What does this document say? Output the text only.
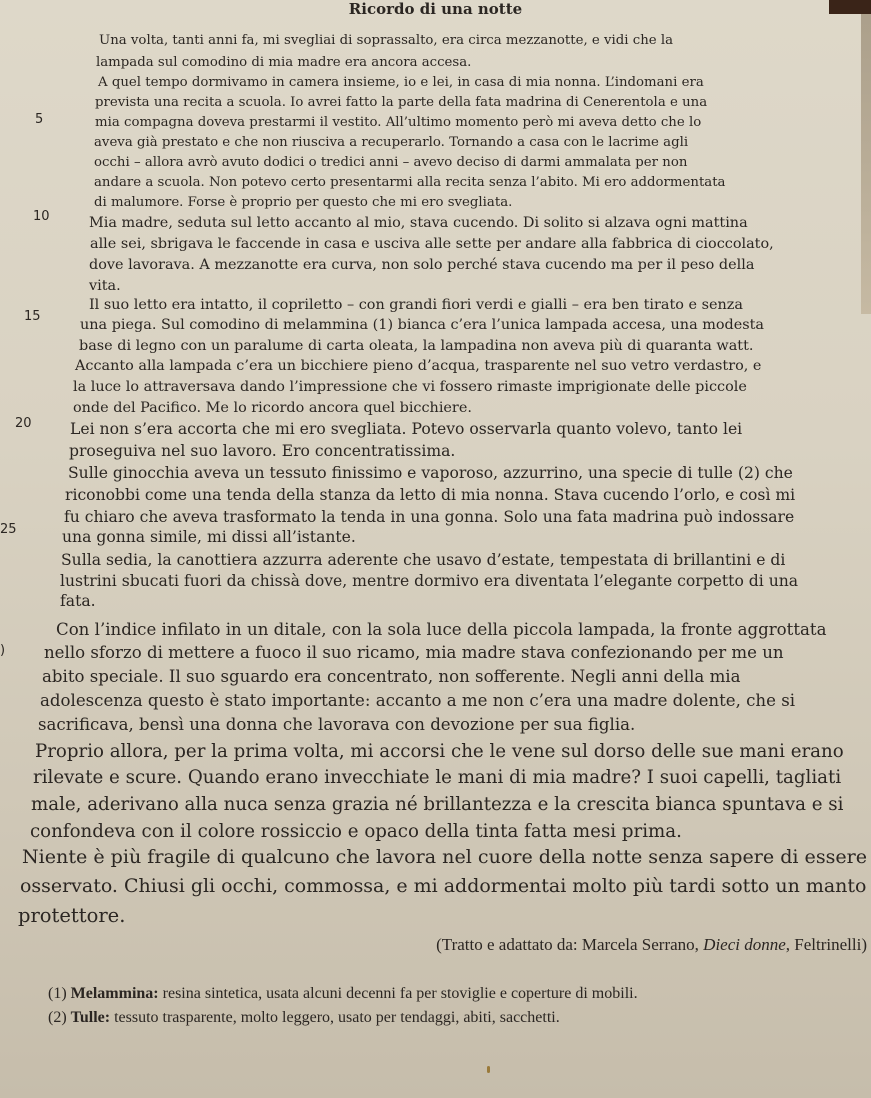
Ricordo di una notte

Una volta, tanti anni fa, mi svegliai di soprassalto, era circa mezzanotte, e vidi che la

lampada sul comodino di mia madre era ancora accesa.

A quel tempo dormivamo in camera insieme, io e lei, in casa di mia nonna. L’indomani era

prevista una recita a scuola. Io avrei fatto la parte della fata madrina di Cenerentola e una

mia compagna doveva prestarmi il vestito. All’ultimo momento però mi aveva detto che lo

aveva già prestato e che non riusciva a recuperarlo. Tornando a casa con le lacrime agli

occhi – allora avrò avuto dodici o tredici anni – avevo deciso di darmi ammalata per non

andare a scuola. Non potevo certo presentarmi alla recita senza l’abito. Mi ero addormentata

di malumore. Forse è proprio per questo che mi ero svegliata.

Mia madre, seduta sul letto accanto al mio, stava cucendo. Di solito si alzava ogni mattina

alle sei, sbrigava le faccende in casa e usciva alle sette per andare alla fabbrica di cioccolato,

dove lavorava. A mezzanotte era curva, non solo perché stava cucendo ma per il peso della

vita.

Il suo letto era intatto, il copriletto – con grandi fiori verdi e gialli – era ben tirato e senza

una piega. Sul comodino di melammina (1) bianca c’era l’unica lampada accesa, una modesta

base di legno con un paralume di carta oleata, la lampadina non aveva più di quaranta watt.

Accanto alla lampada c’era un bicchiere pieno d’acqua, trasparente nel suo vetro verdastro, e

la luce lo attraversava dando l’impressione che vi fossero rimaste imprigionate delle piccole

onde del Pacifico. Me lo ricordo ancora quel bicchiere.

Lei non s’era accorta che mi ero svegliata. Potevo osservarla quanto volevo, tanto lei

proseguiva nel suo lavoro. Ero concentratissima.

Sulle ginocchia aveva un tessuto finissimo e vaporoso, azzurrino, una specie di tulle (2) che

riconobbi come una tenda della stanza da letto di mia nonna. Stava cucendo l’orlo, e così mi

fu chiaro che aveva trasformato la tenda in una gonna. Solo una fata madrina può indossare

una gonna simile, mi dissi all’istante.

Sulla sedia, la canottiera azzurra aderente che usavo d’estate, tempestata di brillantini e di

lustrini sbucati fuori da chissà dove, mentre dormivo era diventata l’elegante corpetto di una

fata.

Con l’indice infilato in un ditale, con la sola luce della piccola lampada, la fronte aggrottata

nello sforzo di mettere a fuoco il suo ricamo, mia madre stava confezionando per me un

abito speciale. Il suo sguardo era concentrato, non sofferente. Negli anni della mia

adolescenza questo è stato importante: accanto a me non c’era una madre dolente, che si

sacrificava, bensì una donna che lavorava con devozione per sua figlia.

Proprio allora, per la prima volta, mi accorsi che le vene sul dorso delle sue mani erano

rilevate e scure. Quando erano invecchiate le mani di mia madre? I suoi capelli, tagliati

male, aderivano alla nuca senza grazia né brillantezza e la crescita bianca spuntava e si

confondeva con il colore rossiccio e opaco della tinta fatta mesi prima.

Niente è più fragile di qualcuno che lavora nel cuore della notte senza sapere di essere

osservato. Chiusi gli occhi, commossa, e mi addormentai molto più tardi sotto un manto

protettore.

5

10

15

20

25

)

(Tratto e adattato da: Marcela Serrano, Dieci donne, Feltrinelli)

(1) Melammina: resina sintetica, usata alcuni decenni fa per stoviglie e coperture di mobili.

(2) Tulle: tessuto trasparente, molto leggero, usato per tendaggi, abiti, sacchetti.
